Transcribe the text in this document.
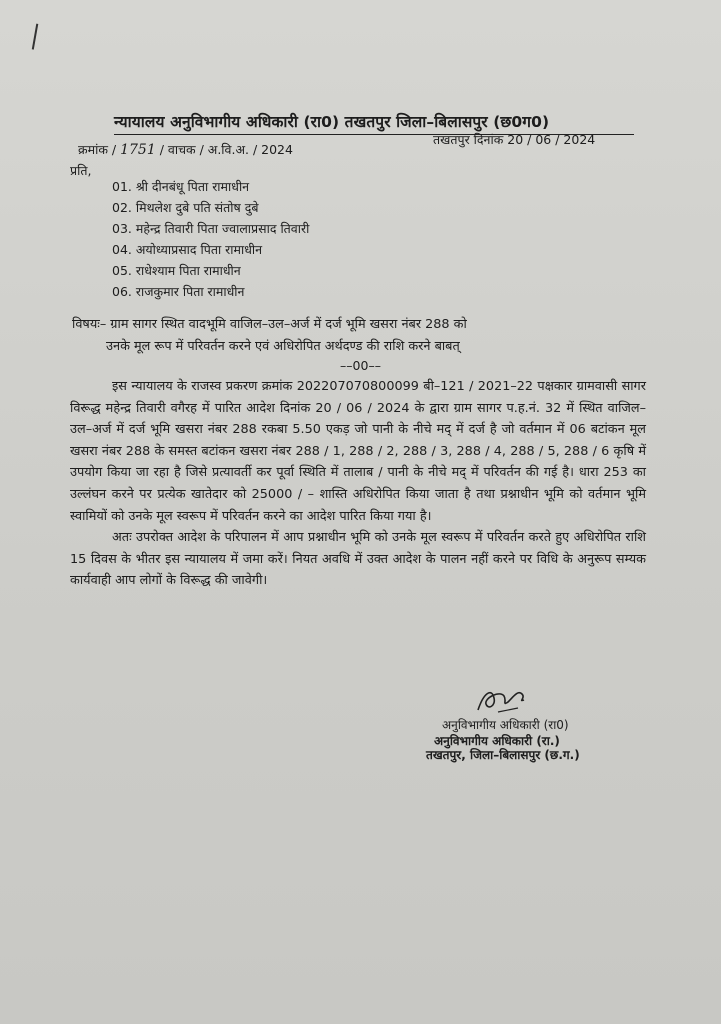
न्यायालय अनुविभागीय अधिकारी (रा0) तखतपुर जिला–बिलासपुर (छ0ग0)
क्रमांक / 1751 / वाचक / अ.वि.अ. / 2024
तखतपुर दिनांक 20 / 06 / 2024
प्रति,
01. श्री दीनबंधू पिता रामाधीन
02. मिथलेश दुबे पति संतोष दुबे
03. महेन्द्र तिवारी पिता ज्वालाप्रसाद तिवारी
04. अयोध्याप्रसाद पिता रामाधीन
05. राधेश्याम पिता रामाधीन
06. राजकुमार पिता रामाधीन
विषयः– ग्राम सागर स्थित वादभूमि वाजिल–उल–अर्ज में दर्ज भूमि खसरा नंबर 288 को
उनके मूल रूप में परिवर्तन करने एवं अधिरोपित अर्थदण्ड की राशि करने बाबत्
––00––

इस न्यायालय के राजस्व प्रकरण क्रमांक 202207070800099 बी–121 / 2021–22 पक्षकार ग्रामवासी सागर विरूद्ध महेन्द्र तिवारी वगैरह में पारित आदेश दिनांक 20 / 06 / 2024 के द्वारा ग्राम सागर प.ह.नं. 32 में स्थित वाजिल–उल–अर्ज में दर्ज भूमि खसरा नंबर 288 रकबा 5.50 एकड़ जो पानी के नीचे मद् में दर्ज है जो वर्तमान में 06 बटांकन मूल खसरा नंबर 288 के समस्त बटांकन खसरा नंबर 288 / 1, 288 / 2, 288 / 3, 288 / 4, 288 / 5, 288 / 6 कृषि में उपयोग किया जा रहा है जिसे प्रत्यावर्ती कर पूर्वा स्थिति में तालाब / पानी के नीचे मद् में परिवर्तन की गई है। धारा 253 का उल्लंघन करने पर प्रत्येक खातेदार को 25000 / – शास्ति अधिरोपित किया जाता है तथा प्रश्नाधीन भूमि को वर्तमान भूमि स्वामियों को उनके मूल स्वरूप में परिवर्तन करने का आदेश पारित किया गया है।

अतः उपरोक्त आदेश के परिपालन में आप प्रश्नाधीन भूमि को उनके मूल स्वरूप में परिवर्तन करते हुए अधिरोपित राशि 15 दिवस के भीतर इस न्यायालय में जमा करें। नियत अवधि में उक्त आदेश के पालन नहीं करने पर विधि के अनुरूप सम्यक कार्यवाही आप लोगों के विरूद्ध की जावेगी।

अनुविभागीय अधिकारी (रा0)
अनुविभागीय अधिकारी (रा.)
तखतपुर, जिला–बिलासपुर (छ.ग.)
